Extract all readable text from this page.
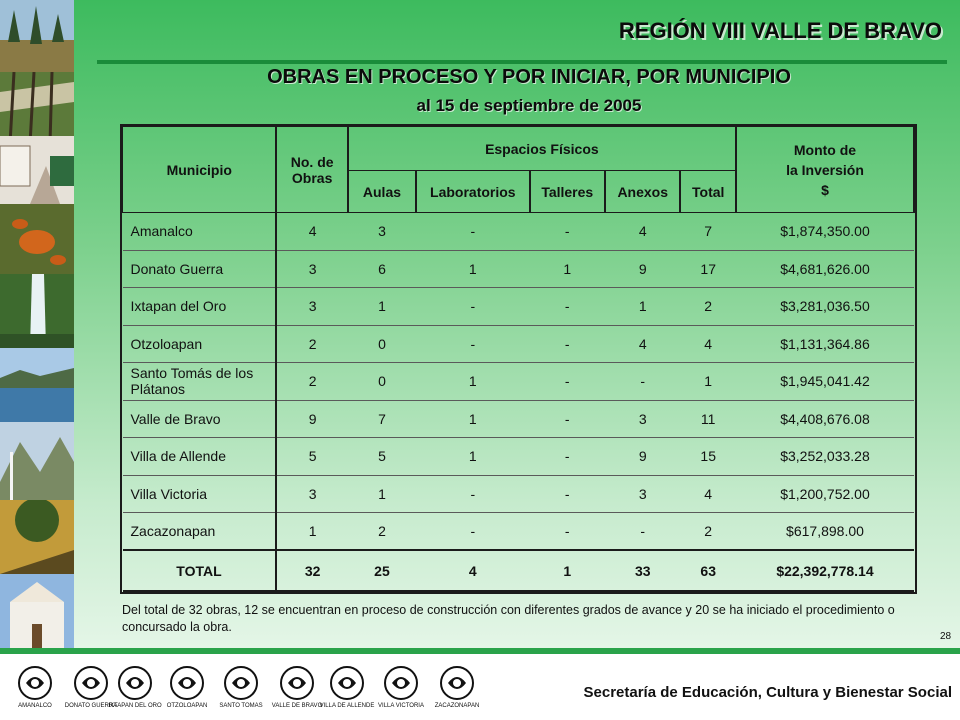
REGIÓN VIII VALLE DE BRAVO
OBRAS EN PROCESO Y POR INICIAR, POR MUNICIPIO
al 15 de septiembre de 2005
Municipio	No. de Obras	Espacios Físicos					Monto de
la Inversión
$

		Aulas	Laboratorios	Talleres	Anexos	Total	
Amanalco	4	3	-	-	4	7	$1,874,350.00
Donato Guerra	3	6	1	1	9	17	$4,681,626.00
Ixtapan del Oro	3	1	-	-	1	2	$3,281,036.50
Otzoloapan	2	0	-	-	4	4	$1,131,364.86
Santo Tomás de los Plátanos	2	0	1	-	-	1	$1,945,041.42
Valle de Bravo	9	7	1	-	3	11	$4,408,676.08
Villa de Allende	5	5	1	-	9	15	$3,252,033.28
Villa Victoria	3	1	-	-	3	4	$1,200,752.00
Zacazonapan	1	2	-	-	-	2	$617,898.00
TOTAL	32	25	4	1	33	63	$22,392,778.14
Del total de 32 obras, 12 se encuentran en proceso de construcción con diferentes grados de avance y 20 se ha iniciado el procedimiento o concursado la obra.
28
AMANALCO	DONATO GUERRA
IXTAPAN DEL ORO OTZOLOAPAN	SANTO TOMAS	VALLE DE BRAVO
VILLA DE ALLENDE VILLA VICTORIA	ZACAZONAPAN
Secretaría de Educación, Cultura y Bienestar Social
